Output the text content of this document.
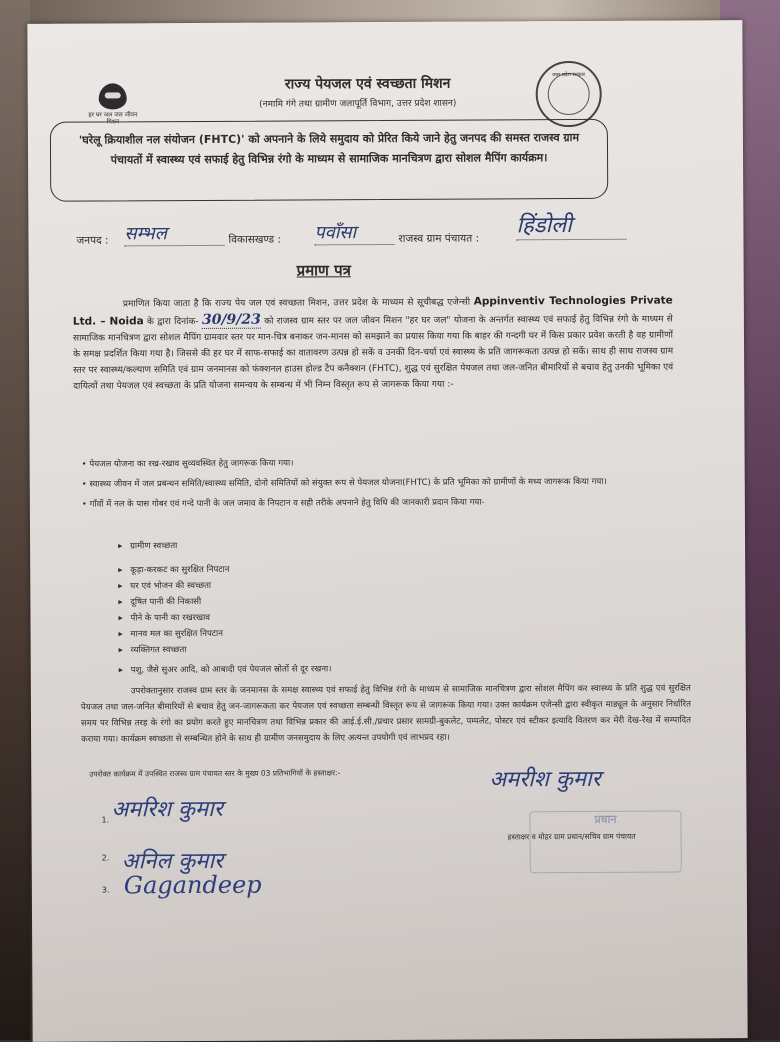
हर घर जल जल जीवन मिशन
राज्य पेयजल एवं स्वच्छता मिशन
(नमामि गंगे तथा ग्रामीण जलापूर्ति विभाग, उत्तर प्रदेश शासन)
उत्तर प्रदेश सरकार
'घरेलू क्रियाशील नल संयोजन (FHTC)' को अपनाने के लिये समुदाय को प्रेरित किये जाने हेतु जनपद की समस्त राजस्व ग्राम पंचायतों में स्वास्थ्य एवं सफाई हेतु विभिन्न रंगो के माध्यम से सामाजिक मानचित्रण द्वारा सोशल मैपिंग कार्यक्रम।
जनपद : सम्भल	विकासखण्ड : पवाँसा	राजस्व ग्राम पंचायत :
हिंडोली
प्रमाण पत्र

प्रमाणित किया जाता है कि राज्य पेय जल एवं स्वच्छता मिशन, उत्तर प्रदेश के माध्यम से सूचीबद्ध एजेन्सी Appinventiv Technologies Private Ltd. – Noida के द्वारा दिनांक- 30/9/23 को राजस्व ग्राम स्तर पर जल जीवन मिशन "हर घर जल" योजना के अन्तर्गत स्वास्थ्य एवं सफाई हेतु विभिन्न रंगो के माध्यम से सामाजिक मानचित्रण द्वारा सोशल मैपिंग ग्रामवार स्तर पर मान-चित्र बनाकर जन-मानस को समझाने का प्रयास किया गया कि बाहर की गन्दगी घर में किस प्रकार प्रवेश करती है वह ग्रामीणों के समक्ष प्रदर्शित किया गया है। जिससे की हर घर में साफ-सफाई का वातावरण उत्पन्न हो सकें व उनकी दिन-चर्या एवं स्वास्थ्य के प्रति जागरूकता उत्पन्न हो सकें। साथ ही साथ राजस्व ग्राम स्तर पर स्वास्थ्य/कल्याण समिति एवं ग्राम जनमानस को फंक्शनल हाउस होल्ड टैप कनैक्शन (FHTC), शुद्ध एवं सुरक्षित पेयजल तथा जल-जनित बीमारियों से बचाव हेतु उनकी भूमिका एवं दायित्वों तथा पेयजल एवं स्वच्छता के प्रति योजना समन्वय के सम्बन्ध में भी निम्न विस्तृत रूप से जागरूक किया गया :-

• पेयजल योजना का रख-रखाव सुव्यवस्थित हेतु जागरूक किया गया।
• स्वास्थ्य जीवन में जल प्रबन्धन समिति/स्वास्थ्य समिति, दोनो समितियों को संयुक्त रूप से पेयजल योजना(FHTC) के प्रति भूमिका को ग्रामीणों के मध्य जागरूक किया गया।
• गाँवों में नल के पास गोबर एवं गन्दे पानी के जल जमाव के निपटान व सही तरीके अपनाने हेतु विधि की जानकारी प्रदान किया गया-
▸ ग्रामीण स्वच्छता
▸ कूड़ा-करकट का सुरक्षित निपटान
▸ घर एवं भोजन की स्वच्छता
▸ दूषित पानी की निकासी
▸ पीने के पानी का रखरखाव
▸ मानव मल का सुरक्षित निपटान
▸ व्यक्तिगत स्वच्छता
▸ पशु, जैसे सुअर आदि, को आबादी एवं पेयजल स्रोतों से दूर रखना।
उपरोक्तानुसार राजस्व ग्राम स्तर के जनमानस के समक्ष स्वास्थ्य एवं सफाई हेतु विभिन्न रंगो के माध्यम से सामाजिक मानचित्रण द्वारा सोशल मैपिंग कर स्वास्थ्य के प्रति शुद्ध एवं सुरक्षित पेयजल तथा जल-जनित बीमारियों से बचाव हेतु जन-जागरूकता कर पेयजल एवं स्वच्छता सम्बन्धी विस्तृत रूप से जागरूक किया गया। उक्त कार्यक्रम एजेन्सी द्वारा स्वीकृत माड्यूल के अनुसार निर्धारित समय पर विभिन्न तरह के रंगो का प्रयोग करते हुए मानचित्रण तथा विभिन्न प्रकार की आई.ई.सी./प्रचार प्रसार सामग्री-बुकलेट, पम्पलेट, पोस्टर एवं स्टीकर इत्यादि वितरण कर मेरी देख-रेख में सम्पादित कराया गया। कार्यक्रम स्वच्छता से सम्बन्धित होने के साथ ही ग्रामीण जनसमुदाय के लिए अत्यन्त उपयोगी एवं लाभप्रद रहा।
उपरोक्त कार्यक्रम में उपस्थित राजस्व ग्राम पंचायत स्तर के मुख्य 03 प्रतिभागियों के हस्ताक्षर:-
1. अमरिश कुमार
2. अनिल कुमार
3. Gagandeep
अमरीश कुमार
प्रधान
हस्ताक्षर व मोहर ग्राम प्रधान/सचिव ग्राम पंचायत
